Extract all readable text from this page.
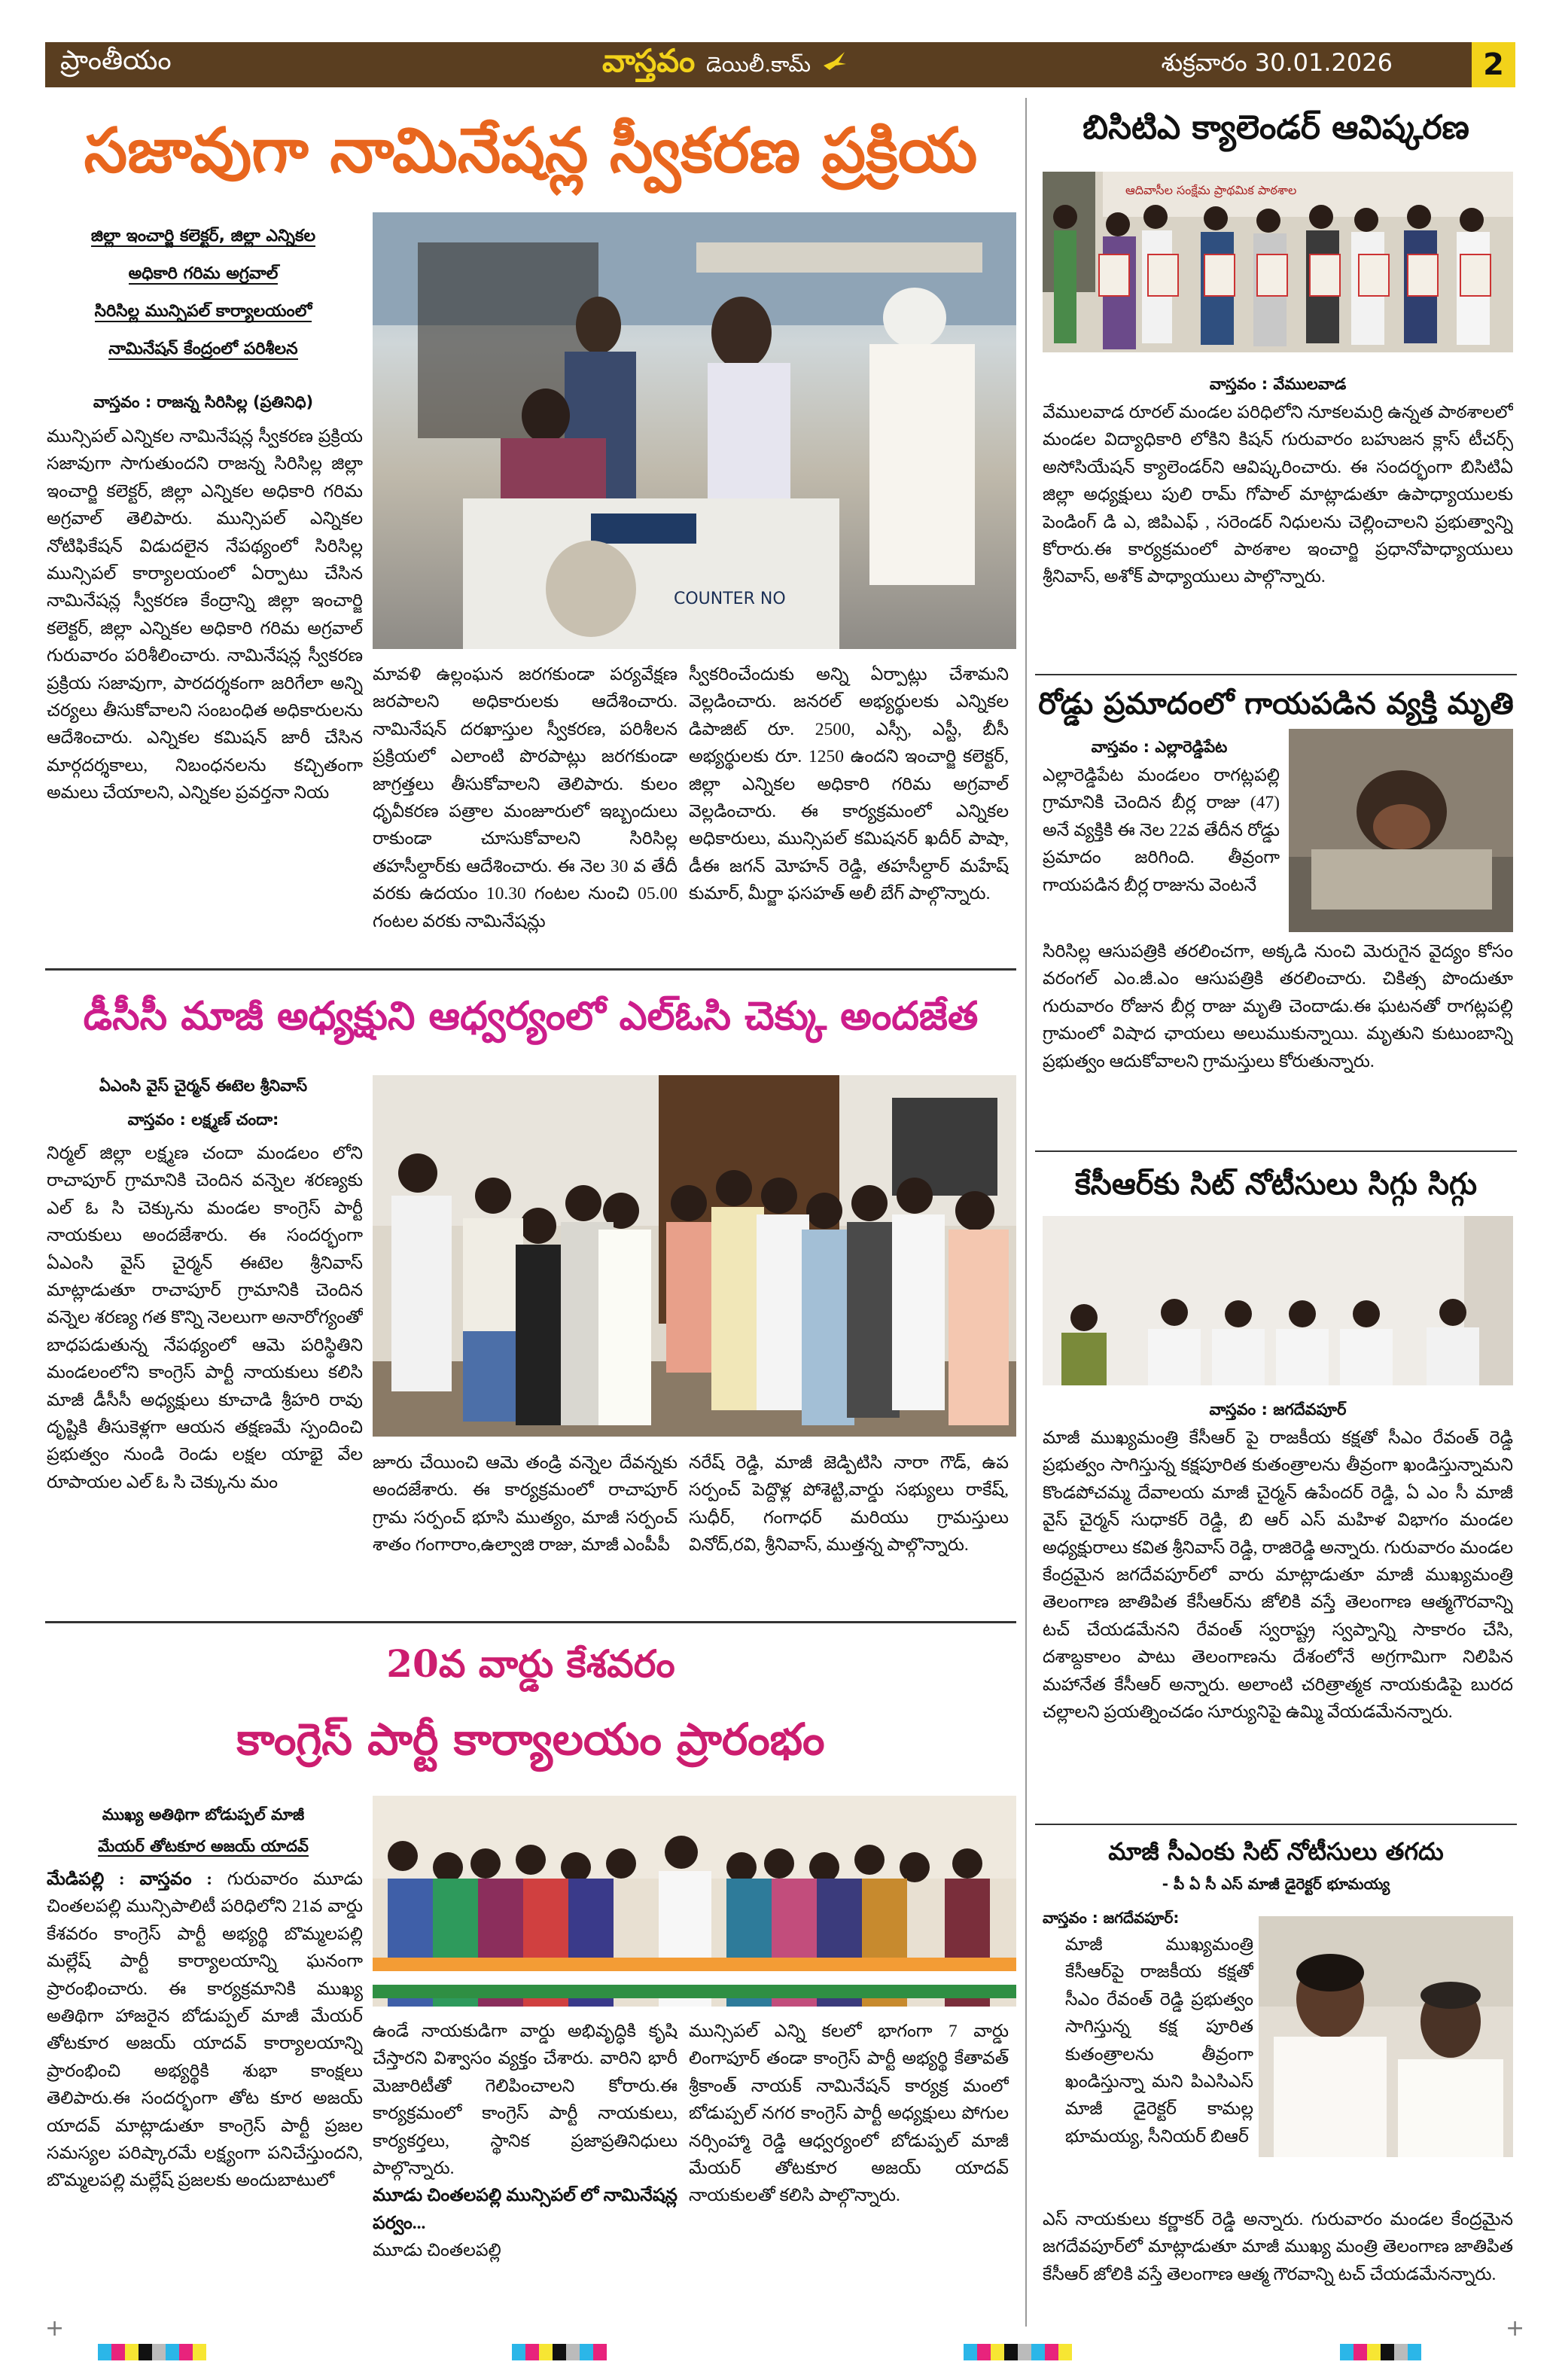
ప్రాంతీయం	వాస్తవం డెయిలీ.కామ్	శుక్రవారం 30.01.2026	2
సజావుగా నామినేషన్ల స్వీకరణ ప్రక్రియ
జిల్లా ఇంచార్జి కలెక్టర్, జిల్లా ఎన్నికల
అధికారి గరిమ అగ్రవాల్
సిరిసిల్ల మున్సిపల్ కార్యాలయంలో
నామినేషన్ కేంద్రంలో పరిశీలన
వాస్తవం : రాజన్న సిరిసిల్ల (ప్రతినిధి)
మున్సిపల్ ఎన్నికల నామినేషన్ల స్వీకరణ ప్రక్రియ సజావుగా సాగుతుందని రాజన్న సిరిసిల్ల జిల్లా ఇంచార్జి కలెక్టర్, జిల్లా ఎన్నికల అధికారి గరిమ అగ్రవాల్ తెలిపారు. మున్సిపల్ ఎన్నికల నోటిఫికేషన్ విడుదలైన నేపథ్యంలో సిరిసిల్ల మున్సిపల్ కార్యాలయంలో ఏర్పాటు చేసిన నామినేషన్ల స్వీకరణ కేంద్రాన్ని జిల్లా ఇంచార్జి కలెక్టర్, జిల్లా ఎన్నికల అధికారి గరిమ అగ్రవాల్ గురువారం పరిశీలించారు. నామినేషన్ల స్వీకరణ ప్రక్రియ సజావుగా, పారదర్శకంగా జరిగేలా అన్ని చర్యలు తీసుకోవాలని సంబంధిత అధికారులను ఆదేశించారు. ఎన్నికల కమిషన్ జారీ చేసిన మార్గదర్శకాలు, నిబంధనలను కచ్చితంగా అమలు చేయాలని, ఎన్నికల ప్రవర్తనా నియ
COUNTER NO
మావళి ఉల్లంఘన జరగకుండా పర్యవేక్షణ జరపాలని అధికారులకు ఆదేశించారు. నామినేషన్ దరఖాస్తుల స్వీకరణ, పరిశీలన ప్రక్రియలో ఎలాంటి పొరపాట్లు జరగకుండా జాగ్రత్తలు తీసుకోవాలని తెలిపారు. కులం ధృవీకరణ పత్రాల మంజూరులో ఇబ్బందులు రాకుండా చూసుకోవాలని సిరిసిల్ల తహసీల్దార్‌కు ఆదేశించారు. ఈ నెల 30 వ తేదీ వరకు ఉదయం 10.30 గంటల నుంచి 05.00 గంటల వరకు నామినేషన్లు
స్వీకరించేందుకు అన్ని ఏర్పాట్లు చేశామని వెల్లడించారు. జనరల్ అభ్యర్థులకు ఎన్నికల డిపాజిట్ రూ. 2500, ఎస్సీ, ఎస్టీ, బీసీ అభ్యర్థులకు రూ. 1250 ఉందని ఇంచార్జి కలెక్టర్, జిల్లా ఎన్నికల అధికారి గరిమ అగ్రవాల్ వెల్లడించారు. ఈ కార్యక్రమంలో ఎన్నికల అధికారులు, మున్సిపల్ కమిషనర్ ఖదీర్ పాషా, డీఈ జగన్ మోహన్ రెడ్డి, తహసీల్దార్ మహేష్ కుమార్, మీర్జా ఫసహత్ అలీ బేగ్ పాల్గొన్నారు.
డీసీసీ మాజీ అధ్యక్షుని ఆధ్వర్యంలో ఎల్ఓసి చెక్కు అందజేత
ఏఎంసి వైస్ చైర్మన్ ఈటెల శ్రీనివాస్
వాస్తవం : లక్ష్మణ్ చందా:
నిర్మల్ జిల్లా లక్ష్మణ చందా మండలం లోని రాచాపూర్ గ్రామానికి చెందిన వన్నెల శరణ్యకు ఎల్ ఓ సి చెక్కును మండల కాంగ్రెస్ పార్టీ నాయకులు అందజేశారు. ఈ సందర్భంగా ఏఎంసి వైస్ చైర్మన్ ఈటెల శ్రీనివాస్ మాట్లాడుతూ రాచాపూర్ గ్రామానికి చెందిన వన్నెల శరణ్య గత కొన్ని నెలలుగా అనారోగ్యంతో బాధపడుతున్న నేపథ్యంలో ఆమె పరిస్థితిని మండలంలోని కాంగ్రెస్ పార్టీ నాయకులు కలిసి మాజీ డీసీసీ అధ్యక్షులు కూచాడి శ్రీహరి రావు దృష్టికి తీసుకెళ్లగా ఆయన తక్షణమే స్పందించి ప్రభుత్వం నుండి రెండు లక్షల యాభై వేల రూపాయల ఎల్ ఓ సి చెక్కును మం
జూరు చేయించి ఆమె తండ్రి వన్నెల దేవన్నకు అందజేశారు. ఈ కార్యక్రమంలో రాచాపూర్ గ్రామ సర్పంచ్ భూసి ముత్యం, మాజీ సర్పంచ్ శాతం గంగారాం,ఉల్వాజి రాజు, మాజీ ఎంపీపీ
నరేష్ రెడ్డి, మాజీ జెడ్పిటిసి నారా గౌడ్, ఉప సర్పంచ్ పెద్దొళ్ల పోశెట్టి,వార్డు సభ్యులు రాకేష్, సుధీర్, గంగాధర్ మరియు గ్రామస్తులు వినోద్,రవి, శ్రీనివాస్, ముత్తన్న పాల్గొన్నారు.
20వ వార్డు కేశవరం
కాంగ్రెస్ పార్టీ కార్యాలయం ప్రారంభం
ముఖ్య అతిథిగా బోడుప్పల్ మాజీ
మేయర్ తోటకూర అజయ్ యాదవ్
మేడిపల్లి : వాస్తవం : గురువారం మూడు చింతలపల్లి మున్సిపాలిటీ పరిధిలోని 21వ వార్డు కేశవరం కాంగ్రెస్ పార్టీ అభ్యర్థి బొమ్మలపల్లి మల్లేష్ పార్టీ కార్యాలయాన్ని ఘనంగా ప్రారంభించారు. ఈ కార్యక్రమానికి ముఖ్య అతిథిగా హాజరైన బోడుప్పల్ మాజీ మేయర్ తోటకూర అజయ్ యాదవ్ కార్యాలయాన్ని ప్రారంభించి అభ్యర్థికి శుభా కాంక్షలు తెలిపారు.ఈ సందర్భంగా తోట కూర అజయ్ యాదవ్ మాట్లాడుతూ కాంగ్రెస్ పార్టీ ప్రజల సమస్యల పరిష్కారమే లక్ష్యంగా పనిచేస్తుందని, బొమ్మలపల్లి మల్లేష్ ప్రజలకు అందుబాటులో
ఉండే నాయకుడిగా వార్డు అభివృద్ధికి కృషి చేస్తారని విశ్వాసం వ్యక్తం చేశారు. వారిని భారీ మెజారిటీతో గెలిపించాలని కోరారు.ఈ కార్యక్రమంలో కాంగ్రెస్ పార్టీ నాయకులు, కార్యకర్తలు, స్థానిక ప్రజాప్రతినిధులు పాల్గొన్నారు.
మూడు చింతలపల్లి మున్సిపల్ లో నామినేషన్ల పర్వం...
మూడు చింతలపల్లి
మున్సిపల్ ఎన్ని కలలో భాగంగా 7 వార్డు లింగాపూర్ తండా కాంగ్రెస్ పార్టీ అభ్యర్థి కేతావత్ శ్రీకాంత్ నాయక్ నామినేషన్ కార్యక్ర మంలో బోడుప్పల్ నగర కాంగ్రెస్ పార్టీ అధ్యక్షులు పోగుల నర్సింహ్మా రెడ్డి ఆధ్వర్యంలో బోడుప్పల్ మాజీ మేయర్ తోటకూర అజయ్ యాదవ్ నాయకులతో కలిసి పాల్గొన్నారు.
బిసిటిఎ క్యాలెండర్ ఆవిష్కరణ
ఆదివాసీల సంక్షేమ ప్రాథమిక పాఠశాల
వాస్తవం : వేములవాడ
వేములవాడ రూరల్ మండల పరిధిలోని నూకలమర్రి ఉన్నత పాఠశాలలో మండల విద్యాధికారి లోకిని కిషన్ గురువారం బహుజన క్లాస్ టీచర్స్ అసోసియేషన్ క్యాలెండర్‌ని ఆవిష్కరించారు. ఈ సందర్భంగా బిసిటిఏ జిల్లా అధ్యక్షులు పులి రామ్ గోపాల్ మాట్లాడుతూ ఉపాధ్యాయులకు పెండింగ్ డి ఎ, జిపిఎఫ్ , సరెండర్ నిధులను చెల్లించాలని ప్రభుత్వాన్ని కోరారు.ఈ కార్యక్రమంలో పాఠశాల ఇంచార్జి ప్రధానోపాధ్యాయులు శ్రీనివాస్, అశోక్ పాధ్యాయులు పాల్గొన్నారు.
రోడ్డు ప్రమాదంలో గాయపడిన వ్యక్తి మృతి
వాస్తవం : ఎల్లారెడ్డిపేట
ఎల్లారెడ్డిపేట మండలం రాగట్లపల్లి గ్రామానికి చెందిన బీర్ల రాజు (47) అనే వ్యక్తికి ఈ నెల 22వ తేదీన రోడ్డు ప్రమాదం జరిగింది. తీవ్రంగా గాయపడిన బీర్ల రాజును వెంటనే
సిరిసిల్ల ఆసుపత్రికి తరలించగా, అక్కడి నుంచి మెరుగైన వైద్యం కోసం వరంగల్ ఎం.జీ.ఎం ఆసుపత్రికి తరలించారు. చికిత్స పొందుతూ గురువారం రోజున బీర్ల రాజు మృతి చెందాడు.ఈ ఘటనతో రాగట్లపల్లి గ్రామంలో విషాద ఛాయలు అలుముకున్నాయి. మృతుని కుటుంబాన్ని ప్రభుత్వం ఆదుకోవాలని గ్రామస్తులు కోరుతున్నారు.
కేసీఆర్‌కు సిట్ నోటీసులు సిగ్గు సిగ్గు
వాస్తవం : జగదేవపూర్
మాజీ ముఖ్యమంత్రి కేసీఆర్ పై రాజకీయ కక్షతో సీఎం రేవంత్ రెడ్డి ప్రభుత్వం సాగిస్తున్న కక్షపూరిత కుతంత్రాలను తీవ్రంగా ఖండిస్తున్నామని కొండపోచమ్మ దేవాలయ మాజీ చైర్మన్ ఉపేందర్ రెడ్డి, ఏ ఎం సీ మాజీ వైస్ చైర్మన్ సుధాకర్ రెడ్డి, బి ఆర్ ఎస్ మహిళ విభాగం మండల అధ్యక్షురాలు కవిత శ్రీనివాస్ రెడ్డి, రాజిరెడ్డి అన్నారు. గురువారం మండల కేంద్రమైన జగదేవపూర్‌లో వారు మాట్లాడుతూ మాజీ ముఖ్యమంత్రి తెలంగాణ జాతిపిత కేసీఆర్‌ను జోలికి వస్తే తెలంగాణ ఆత్మగౌరవాన్ని టచ్ చేయడమేనని రేవంత్ స్వరాష్ట్ర స్వప్నాన్ని సాకారం చేసి, దశాబ్దకాలం పాటు తెలంగాణను దేశంలోనే అగ్రగామిగా నిలిపిన మహానేత కేసీఆర్ అన్నారు. అలాంటి చరిత్రాత్మక నాయకుడిపై బురద చల్లాలని ప్రయత్నించడం సూర్యునిపై ఉమ్మి వేయడమేనన్నారు.
మాజీ సీఎంకు సిట్ నోటీసులు తగదు
- పీ ఏ సీ ఎస్ మాజీ డైరెక్టర్ భూమయ్య
వాస్తవం : జగదేవపూర్:
మాజీ ముఖ్యమంత్రి కేసీఆర్‌పై రాజకీయ కక్షతో సీఎం రేవంత్ రెడ్డి ప్రభుత్వం సాగిస్తున్న కక్ష పూరిత కుతంత్రాలను తీవ్రంగా ఖండిస్తున్నా మని పిఎసిఎస్ మాజీ డైరెక్టర్ కామల్ల భూమయ్య, సీనియర్ బిఆర్
ఎస్ నాయకులు కర్ణాకర్ రెడ్డి అన్నారు. గురువారం మండల కేంద్రమైన జగదేవపూర్‌లో మాట్లాడుతూ మాజీ ముఖ్య మంత్రి తెలంగాణ జాతిపిత కేసీఆర్ జోలికి వస్తే తెలంగాణ ఆత్మ గౌరవాన్ని టచ్ చేయడమేనన్నారు.
+	+
